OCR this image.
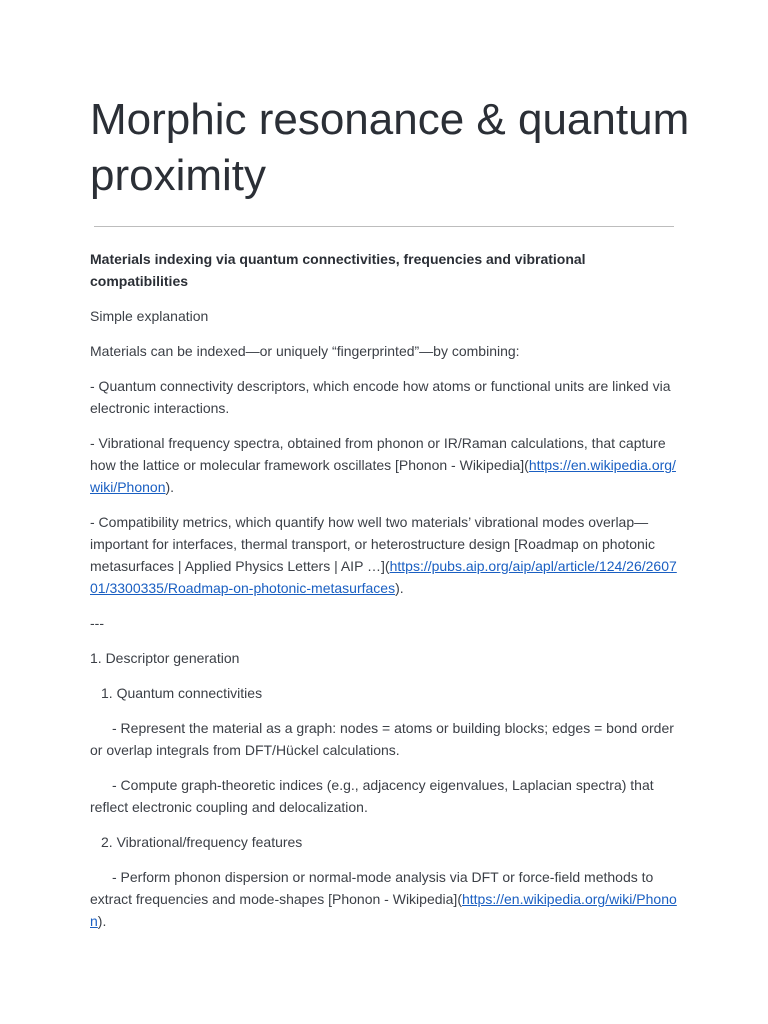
Morphic resonance & quantum proximity

Materials indexing via quantum connectivities, frequencies and vibrational compatibilities

Simple explanation

Materials can be indexed—or uniquely “fingerprinted”—by combining:

- Quantum connectivity descriptors, which encode how atoms or functional units are linked via electronic interactions.

- Vibrational frequency spectra, obtained from phonon or IR/Raman calculations, that capture how the lattice or molecular framework oscillates [Phonon - Wikipedia](https://en.wikipedia.org/wiki/Phonon).

- Compatibility metrics, which quantify how well two materials’ vibrational modes overlap—important for interfaces, thermal transport, or heterostructure design [Roadmap on photonic metasurfaces | Applied Physics Letters | AIP …](https://pubs.aip.org/aip/apl/article/124/26/260701/3300335/Roadmap-on-photonic-metasurfaces).

---

1. Descriptor generation

1. Quantum connectivities

- Represent the material as a graph: nodes = atoms or building blocks; edges = bond order or overlap integrals from DFT/Hückel calculations.

- Compute graph‑theoretic indices (e.g., adjacency eigenvalues, Laplacian spectra) that reflect electronic coupling and delocalization.

2. Vibrational/frequency features

- Perform phonon dispersion or normal‑mode analysis via DFT or force‑field methods to extract frequencies and mode‑shapes [Phonon - Wikipedia](https://en.wikipedia.org/wiki/Phonon).
